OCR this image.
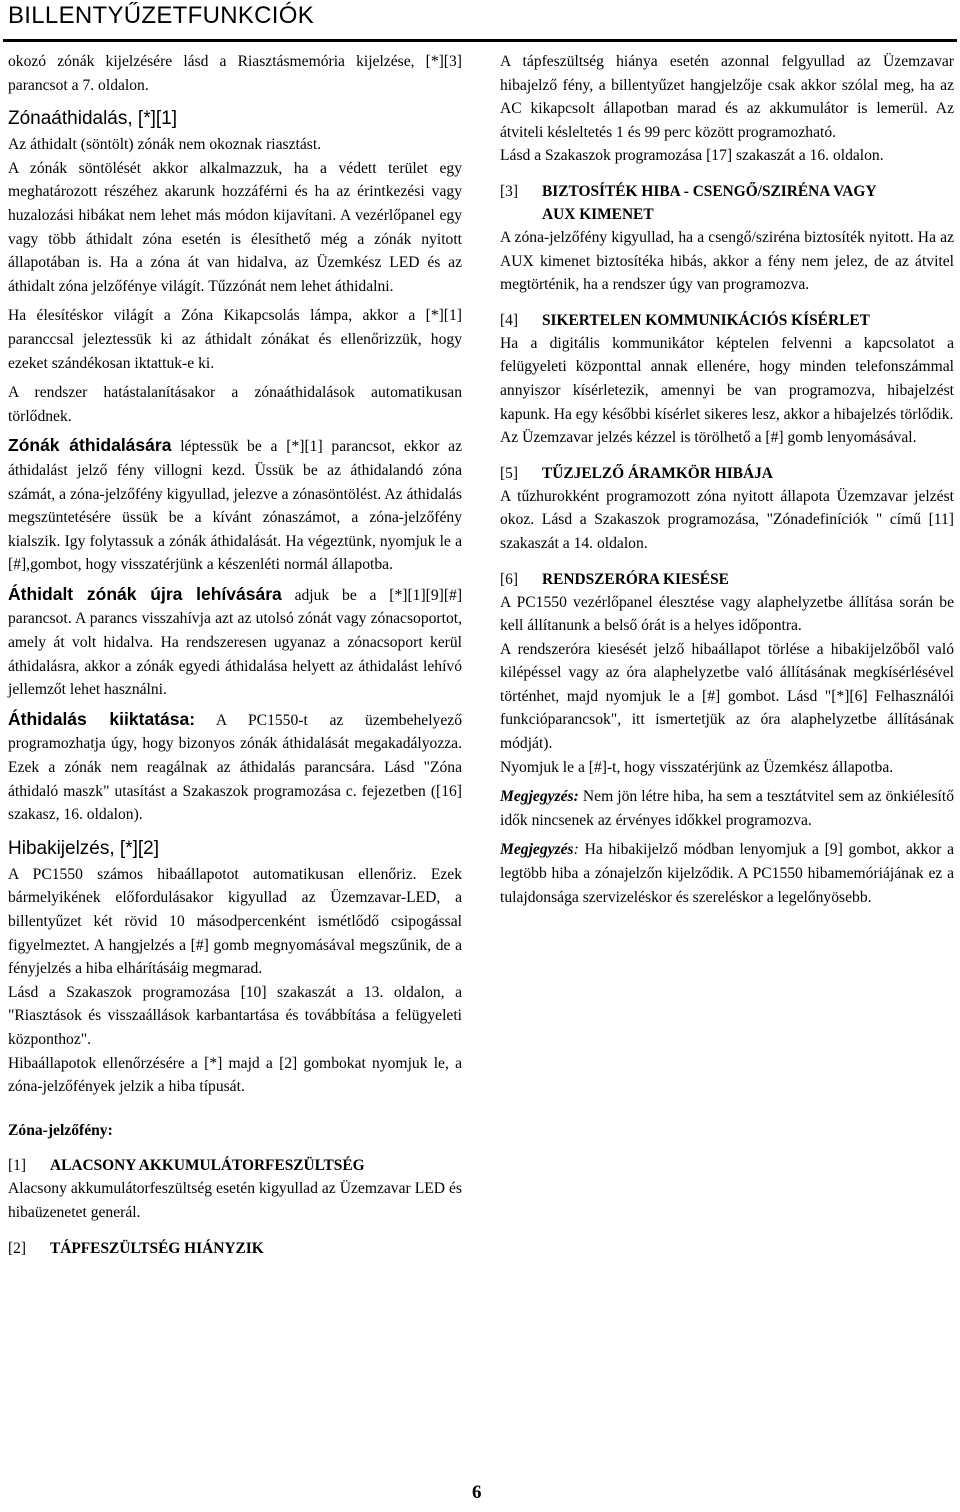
BILLENTYŰZETFUNKCIÓK

okozó zónák kijelzésére lásd a Riasztásmemória kijelzése, [*][3] parancsot a 7. oldalon.

Zónaáthidalás, [*][1]

Az áthidalt (söntölt) zónák nem okoznak riasztást.

A zónák söntölését akkor alkalmazzuk, ha a védett terület egy meghatározott részéhez akarunk hozzáférni és ha az érintkezési vagy huzalozási hibákat nem lehet más módon kijavítani. A vezérlőpanel egy vagy több áthidalt zóna esetén is élesíthető még a zónák nyitott állapotában is. Ha a zóna át van hidalva, az Üzemkész LED és az áthidalt zóna jelzőfénye világít. Tűzzónát nem lehet áthidalni.

Ha élesítéskor világít a Zóna Kikapcsolás lámpa, akkor a [*][1] paranccsal jeleztessük ki az áthidalt zónákat és ellenőrizzük, hogy ezeket szándékosan iktattuk-e ki.

A rendszer hatástalanításakor a zónaáthidalások automatikusan törlődnek.

Zónák áthidalására léptessük be a [*][1] parancsot, ekkor az áthidalást jelző fény villogni kezd. Üssük be az áthidalandó zóna számát, a zóna-jelzőfény kigyullad, jelezve a zónasöntölést. Az áthidalás megszüntetésére üssük be a kívánt zónaszámot, a zóna-jelzőfény kialszik. Igy folytassuk a zónák áthidalását. Ha végeztünk, nyomjuk le a [#],gombot, hogy visszatérjünk a készenléti normál állapotba.

Áthidalt zónák újra lehívására adjuk be a [*][1][9][#] parancsot. A parancs visszahívja azt az utolsó zónát vagy zónacsoportot, amely át volt hidalva. Ha rendszeresen ugyanaz a zónacsoport kerül áthidalásra, akkor a zónák egyedi áthidalása helyett az áthidalást lehívó jellemzőt lehet használni.

Áthidalás kiiktatása: A PC1550-t az üzembehelyező programozhatja úgy, hogy bizonyos zónák áthidalását megakadályozza. Ezek a zónák nem reagálnak az áthidalás parancsára. Lásd "Zóna áthidaló maszk" utasítást a Szakaszok programozása c. fejezetben ([16] szakasz, 16. oldalon).

Hibakijelzés, [*][2]

A PC1550 számos hibaállapotot automatikusan ellenőriz. Ezek bármelyikének előfordulásakor kigyullad az Üzemzavar-LED, a billentyűzet két rövid 10 másodpercenként ismétlődő csipogással figyelmeztet. A hangjelzés a [#] gomb megnyomásával megszűnik, de a fényjelzés a hiba elhárításáig megmarad.

Lásd a Szakaszok programozása [10] szakaszát a 13. oldalon, a "Riasztások és visszaállások karbantartása és továbbítása a felügyeleti központhoz".

Hibaállapotok ellenőrzésére a [*] majd a [2] gombokat nyomjuk le, a zóna-jelzőfények jelzik a hiba típusát.

Zóna-jelzőfény:

[1] ALACSONY AKKUMULÁTORFESZÜLTSÉG

Alacsony akkumulátorfeszültség esetén kigyullad az Üzemzavar LED és hibaüzenetet generál.

[2] TÁPFESZÜLTSÉG HIÁNYZIK

A tápfeszültség hiánya esetén azonnal felgyullad az Üzemzavar hibajelző fény, a billentyűzet hangjelzője csak akkor szólal meg, ha az AC kikapcsolt állapotban marad és az akkumulátor is lemerül. Az átviteli késleltetés 1 és 99 perc között programozható.

Lásd a Szakaszok programozása [17] szakaszát a 16. oldalon.

[3] BIZTOSÍTÉK HIBA - CSENGŐ/SZIRÉNA VAGY
AUX KIMENET

A zóna-jelzőfény kigyullad, ha a csengő/sziréna biztosíték nyitott. Ha az AUX kimenet biztosítéka hibás, akkor a fény nem jelez, de az átvitel megtörténik, ha a rendszer úgy van programozva.

[4] SIKERTELEN KOMMUNIKÁCIÓS KÍSÉRLET

Ha a digitális kommunikátor képtelen felvenni a kapcsolatot a felügyeleti központtal annak ellenére, hogy minden telefonszámmal annyiszor kísérletezik, amennyi be van programozva, hibajelzést kapunk. Ha egy későbbi kísérlet sikeres lesz, akkor a hibajelzés törlődik.

Az Üzemzavar jelzés kézzel is törölhető a [#] gomb lenyomásával.

[5] TŰZJELZŐ ÁRAMKÖR HIBÁJA

A tűzhurokként programozott zóna nyitott állapota Üzemzavar jelzést okoz. Lásd a Szakaszok programozása, "Zónadefiníciók " című [11] szakaszát a 14. oldalon.

[6] RENDSZERÓRA KIESÉSE

A PC1550 vezérlőpanel élesztése vagy alaphelyzetbe állítása során be kell állítanunk a belső órát is a helyes időpontra.

A rendszeróra kiesését jelző hibaállapot törlése a hibakijelzőből való kilépéssel vagy az óra alaphelyzetbe való állításának megkísérlésével történhet, majd nyomjuk le a [#] gombot. Lásd "[*][6] Felhasználói funkcióparancsok", itt ismertetjük az óra alaphelyzetbe állításának módját).

Nyomjuk le a [#]-t, hogy visszatérjünk az Üzemkész állapotba.

Megjegyzés: Nem jön létre hiba, ha sem a tesztátvitel sem az önkiélesítő idők nincsenek az érvényes időkkel programozva.

Megjegyzés: Ha hibakijelző módban lenyomjuk a [9] gombot, akkor a legtöbb hiba a zónajelzőn kijelződik. A PC1550 hibamemóriájának ez a tulajdonsága szervizeléskor és szereléskor a legelőnyösebb.

6
